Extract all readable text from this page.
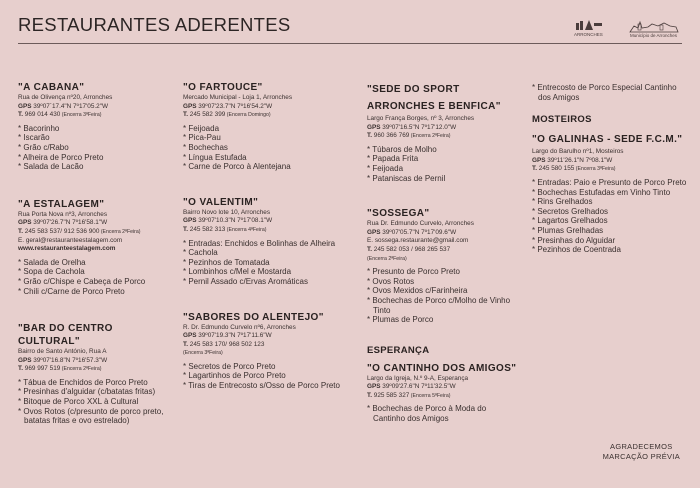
RESTAURANTES ADERENTES	ARRONCHES	Município de Arronches
"A CABANA"
Rua de Olivença nº20, Arronches
GPS 39º07´17.4"N 7º17'05.2"W
T. 969 014 430 (Encerra 3ªFeira)
* Bacorinho
* Iscarão
* Grão c/Rabo
* Alheira de Porco Preto
* Salada de Lacão
"A ESTALAGEM"
Rua Porta Nova nº3, Arronches
GPS 39º07'26.7"N 7º16'58.1"W
T. 245 583 537/ 912 536 900 (Encerra 2ªFeira)
E. geral@restauranteestalagem.com
www.restauranteestalagem.com
* Salada de Orelha
* Sopa de Cachola
* Grão c/Chispe e Cabeça de Porco
* Chili c/Carne de Porco Preto
"BAR DO CENTRO CULTURAL"
Bairro de Santo António, Rua A
GPS 39º07'16.8"N 7º16'57.3"W
T. 969 997 519 (Encerra 2ªFeira)
* Tábua de Enchidos de Porco Preto
* Presinhas d'alguidar (c/batatas fritas)
* Bitoque de Porco XXL à Cultural
* Ovos Rotos (c/presunto de porco preto, batatas fritas e ovo estrelado)
"O FARTOUCE"
Mercado Municipal - Loja 1, Arronches
GPS 39º07'23.7"N 7º16'54.2"W
T. 245 582 399 (Encerra Domingo)
* Feijoada
* Pica-Pau
* Bochechas
* Língua Estufada
* Carne de Porco à Alentejana
"O VALENTIM"
Bairro Novo lote 10, Arronches
GPS 39º07'10.3"N 7º17'08.1"W
T. 245 582 313 (Encerra 4ªFeira)
* Entradas: Enchidos e Bolinhas de Alheira
* Cachola
* Pezinhos de Tomatada
* Lombinhos c/Mel e Mostarda
* Pernil Assado c/Ervas Aromáticas
"SABORES DO ALENTEJO"
R. Dr. Edmundo Curvelo nº6, Arronches
GPS 39º07'19.3"N 7º17'11.6"W
T. 245 583 170/ 968 502 123
(Encerra 3ªFeira)
* Secretos de Porco Preto
* Lagartinhos de Porco Preto
* Tiras de Entrecosto s/Osso de Porco Preto
"SEDE DO SPORT ARRONCHES E BENFICA"
Largo França Borges, nº 3, Arronches
GPS 39º07'16.5"N 7º17'12.0"W
T. 960 366 769 (Encerra 2ªFeira)
* Túbaros de Molho
* Papada Frita
* Feijoada
* Pataniscas de Pernil
"SOSSEGA"
Rua Dr. Edmundo Curvelo, Arronches
GPS 39º07'05.7"N 7º17'09.6"W
E. sossega.restaurante@gmail.com
T. 245 582 053 / 968 265 537
(Encerra 2ªFeira)
* Presunto de Porco Preto
* Ovos Rotos
* Ovos Mexidos c/Farinheira
* Bochechas de Porco c/Molho de Vinho Tinto
* Plumas de Porco
ESPERANÇA
"O CANTINHO DOS AMIGOS"
Largo da Igreja, N.º 9-A, Esperança
GPS 39º09'27.6"N 7º11'32.5"W
T. 925 585 327 (Encerra 5ªFeira)
* Bochechas de Porco à Moda do Cantinho dos Amigos
* Entrecosto de Porco Especial Cantinho dos Amigos
MOSTEIROS
"O GALINHAS - SEDE F.C.M."
Largo do Barulho nº1, Mosteiros
GPS 39º11'26.1"N 7º08.1"W
T. 245 580 155 (Encerra 3ªFeira)
* Entradas: Paio e Presunto de Porco Preto
* Bochechas Estufadas em Vinho Tinto
* Rins Grelhados
* Secretos Grelhados
* Lagartos Grelhados
* Plumas Grelhadas
* Presinhas do Alguidar
* Pezinhos de Coentrada
AGRADECEMOS
MARCAÇÃO PRÉVIA
